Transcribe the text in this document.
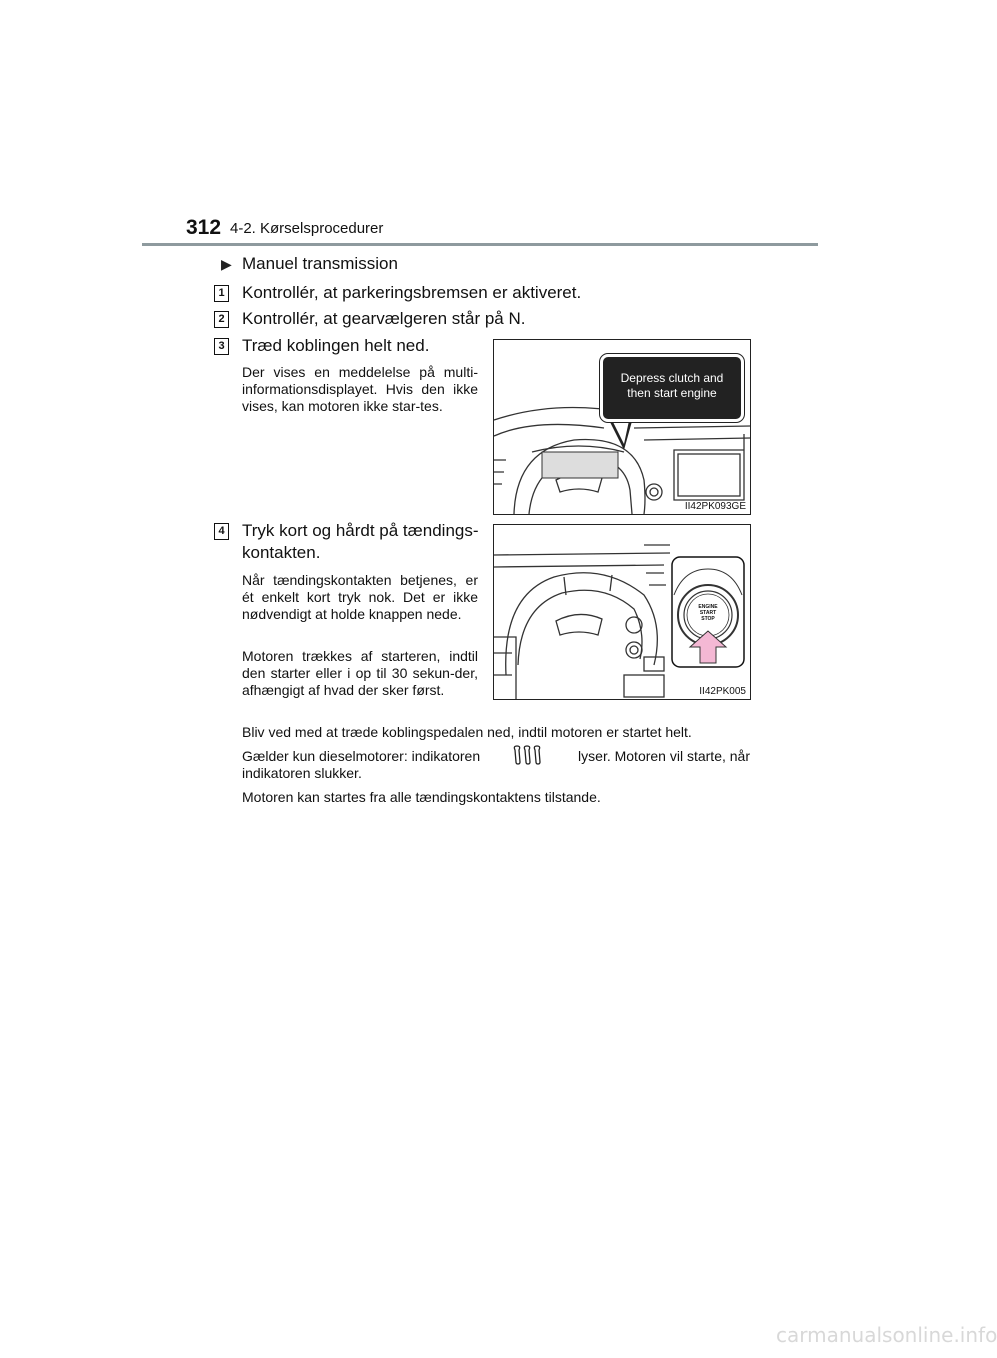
312 4-2. Kørselsprocedurer
▶ Manuel transmission
1 Kontrollér, at parkeringsbremsen er aktiveret.
2 Kontrollér, at gearvælgeren står på N.
3 Træd koblingen helt ned.
Der vises en meddelelse på multi-informationsdisplayet. Hvis den ikke vises, kan motoren ikke star-tes.
Depress clutch and
then start engine
II42PK093GE
4 Tryk kort og hårdt på tændings-
kontakten.
Når tændingskontakten betjenes, er ét enkelt kort tryk nok. Det er ikke nødvendigt at holde knappen nede.
Motoren trækkes af starteren, indtil den starter eller i op til 30 sekun-der, afhængigt af hvad der sker først.
ENGINE
START
STOP
II42PK005
Bliv ved med at træde koblingspedalen ned, indtil motoren er startet helt.
Gælder kun dieselmotorer: indikatoren	lyser. Motoren vil starte, når
indikatoren slukker.
Motoren kan startes fra alle tændingskontaktens tilstande.
carmanualsonline.info
